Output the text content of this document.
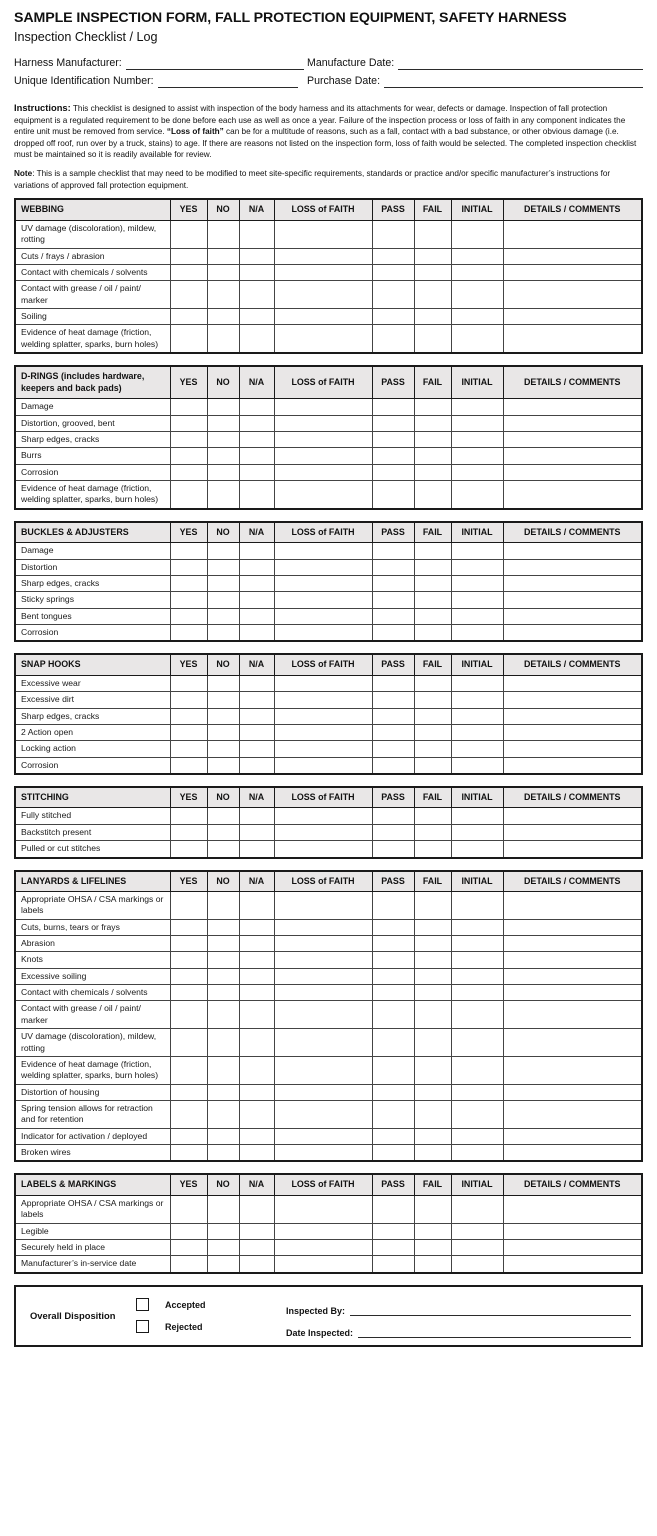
SAMPLE INSPECTION FORM, FALL PROTECTION EQUIPMENT, SAFETY HARNESS
Inspection Checklist / Log
Harness Manufacturer:	Manufacture Date:
Unique Identification Number:	Purchase Date:

Instructions: This checklist is designed to assist with inspection of the body harness and its attachments for wear, defects or damage. Inspection of fall protection equipment is a regulated requirement to be done before each use as well as once a year. Failure of the inspection process or loss of faith in any component indicates the entire unit must be removed from service. “Loss of faith” can be for a multitude of reasons, such as a fall, contact with a bad substance, or other obvious damage (i.e. dropped off roof, run over by a truck, stains) to age. If there are reasons not listed on the inspection form, loss of faith would be selected. The completed inspection checklist must be maintained so it is readily available for review.

Note: This is a sample checklist that may need to be modified to meet site-specific requirements, standards or practice and/or specific manufacturer’s instructions for variations of approved fall protection equipment.

WEBBING	YES	NO	N/A	LOSS of FAITH	PASS	FAIL	INITIAL	DETAILS / COMMENTS
UV damage (discoloration), mildew, rotting								
Cuts / frays / abrasion								
Contact with chemicals / solvents								
Contact with grease / oil / paint/ marker								
Soiling								
Evidence of heat damage (friction, welding splatter, sparks, burn holes)								
D-RINGS (includes hardware, keepers and back pads)	YES	NO	N/A	LOSS of FAITH	PASS	FAIL	INITIAL	DETAILS / COMMENTS
Damage								
Distortion, grooved, bent								
Sharp edges, cracks								
Burrs								
Corrosion								
Evidence of heat damage (friction, welding splatter, sparks, burn holes)								
BUCKLES & ADJUSTERS	YES	NO	N/A	LOSS of FAITH	PASS	FAIL	INITIAL	DETAILS / COMMENTS
Damage								
Distortion								
Sharp edges, cracks								
Sticky springs								
Bent tongues								
Corrosion								
SNAP HOOKS	YES	NO	N/A	LOSS of FAITH	PASS	FAIL	INITIAL	DETAILS / COMMENTS
Excessive wear								
Excessive dirt								
Sharp edges, cracks								
2 Action open								
Locking action								
Corrosion								
STITCHING	YES	NO	N/A	LOSS of FAITH	PASS	FAIL	INITIAL	DETAILS / COMMENTS
Fully stitched								
Backstitch present								
Pulled or cut stitches								
LANYARDS & LIFELINES	YES	NO	N/A	LOSS of FAITH	PASS	FAIL	INITIAL	DETAILS / COMMENTS
Appropriate OHSA / CSA markings or labels								
Cuts, burns, tears or frays								
Abrasion								
Knots								
Excessive soiling								
Contact with chemicals / solvents								
Contact with grease / oil / paint/ marker								
UV damage (discoloration), mildew, rotting								
Evidence of heat damage (friction, welding splatter, sparks, burn holes)								
Distortion of housing								
Spring tension allows for retraction and for retention								
Indicator for activation / deployed								
Broken wires								
LABELS & MARKINGS	YES	NO	N/A	LOSS of FAITH	PASS	FAIL	INITIAL	DETAILS / COMMENTS
Appropriate OHSA / CSA markings or labels								
Legible								
Securely held in place								
Manufacturer’s in-service date								
Overall Disposition
Accepted
Rejected
Inspected By:
Date Inspected:
